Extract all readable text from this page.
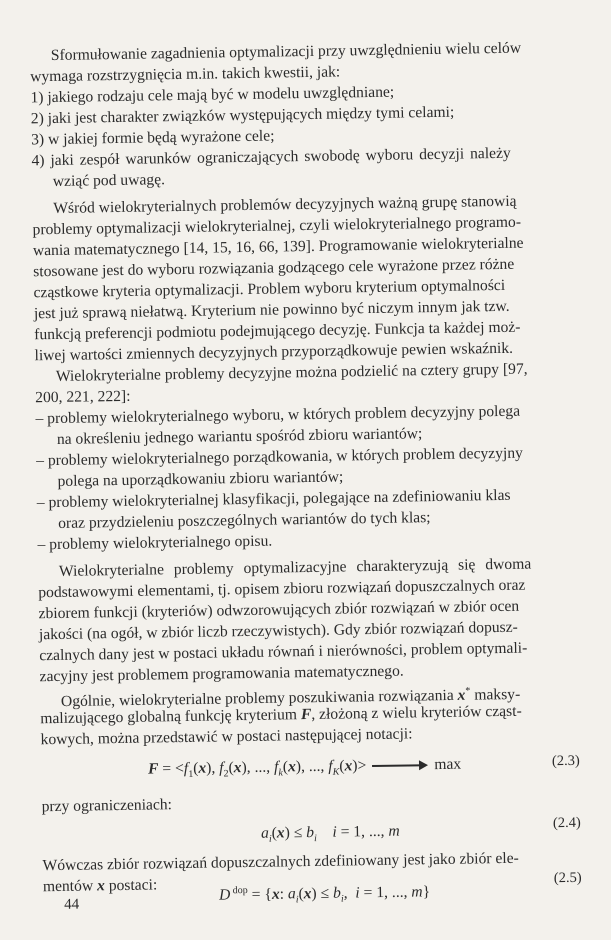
Sformułowanie zagadnienia optymalizacji przy uwzględnieniu wielu celów
wymaga rozstrzygnięcia m.in. takich kwestii, jak:
1) jakiego rodzaju cele mają być w modelu uwzględniane;
2) jaki jest charakter związków występujących między tymi celami;
3) w jakiej formie będą wyrażone cele;
4) jaki zespół warunków ograniczających swobodę wyboru decyzji należy
wziąć pod uwagę.
Wśród wielokryterialnych problemów decyzyjnych ważną grupę stanowią
problemy optymalizacji wielokryterialnej, czyli wielokryterialnego programo-
wania matematycznego [14, 15, 16, 66, 139]. Programowanie wielokryterialne
stosowane jest do wyboru rozwiązania godzącego cele wyrażone przez różne
cząstkowe kryteria optymalizacji. Problem wyboru kryterium optymalności
jest już sprawą niełatwą. Kryterium nie powinno być niczym innym jak tzw.
funkcją preferencji podmiotu podejmującego decyzję. Funkcja ta każdej moż-
liwej wartości zmiennych decyzyjnych przyporządkowuje pewien wskaźnik.
Wielokryterialne problemy decyzyjne można podzielić na cztery grupy [97,
200, 221, 222]:
– problemy wielokryterialnego wyboru, w których problem decyzyjny polega
na określeniu jednego wariantu spośród zbioru wariantów;
– problemy wielokryterialnego porządkowania, w których problem decyzyjny
polega na uporządkowaniu zbioru wariantów;
– problemy wielokryterialnej klasyfikacji, polegające na zdefiniowaniu klas
oraz przydzieleniu poszczególnych wariantów do tych klas;
– problemy wielokryterialnego opisu.
Wielokryterialne problemy optymalizacyjne charakteryzują się dwoma
podstawowymi elementami, tj. opisem zbioru rozwiązań dopuszczalnych oraz
zbiorem funkcji (kryteriów) odwzorowujących zbiór rozwiązań w zbiór ocen
jakości (na ogół, w zbiór liczb rzeczywistych). Gdy zbiór rozwiązań dopusz-
czalnych dany jest w postaci układu równań i nierówności, problem optymali-
zacyjny jest problemem programowania matematycznego.
Ogólnie, wielokryterialne problemy poszukiwania rozwiązania x* maksy-
malizującego globalną funkcję kryterium F, złożoną z wielu kryteriów cząst-
kowych, można przedstawić w postaci następującej notacji:
$F = <f_1(x)$, $f_2(x)$, ..., $f_k(x)$, ..., $f_K(x)>$	max	(2.3)
przy ograniczeniach:
$a_i(x) \le b_i$ i = 1, ..., m	(2.4)
Wówczas zbiór rozwiązań dopuszczalnych zdefiniowany jest jako zbiór ele-
mentów x postaci:
D $^{dop}$ = {x: $a_i(x) \le b_i$,  i = 1, ..., m}
(2.5)
44
